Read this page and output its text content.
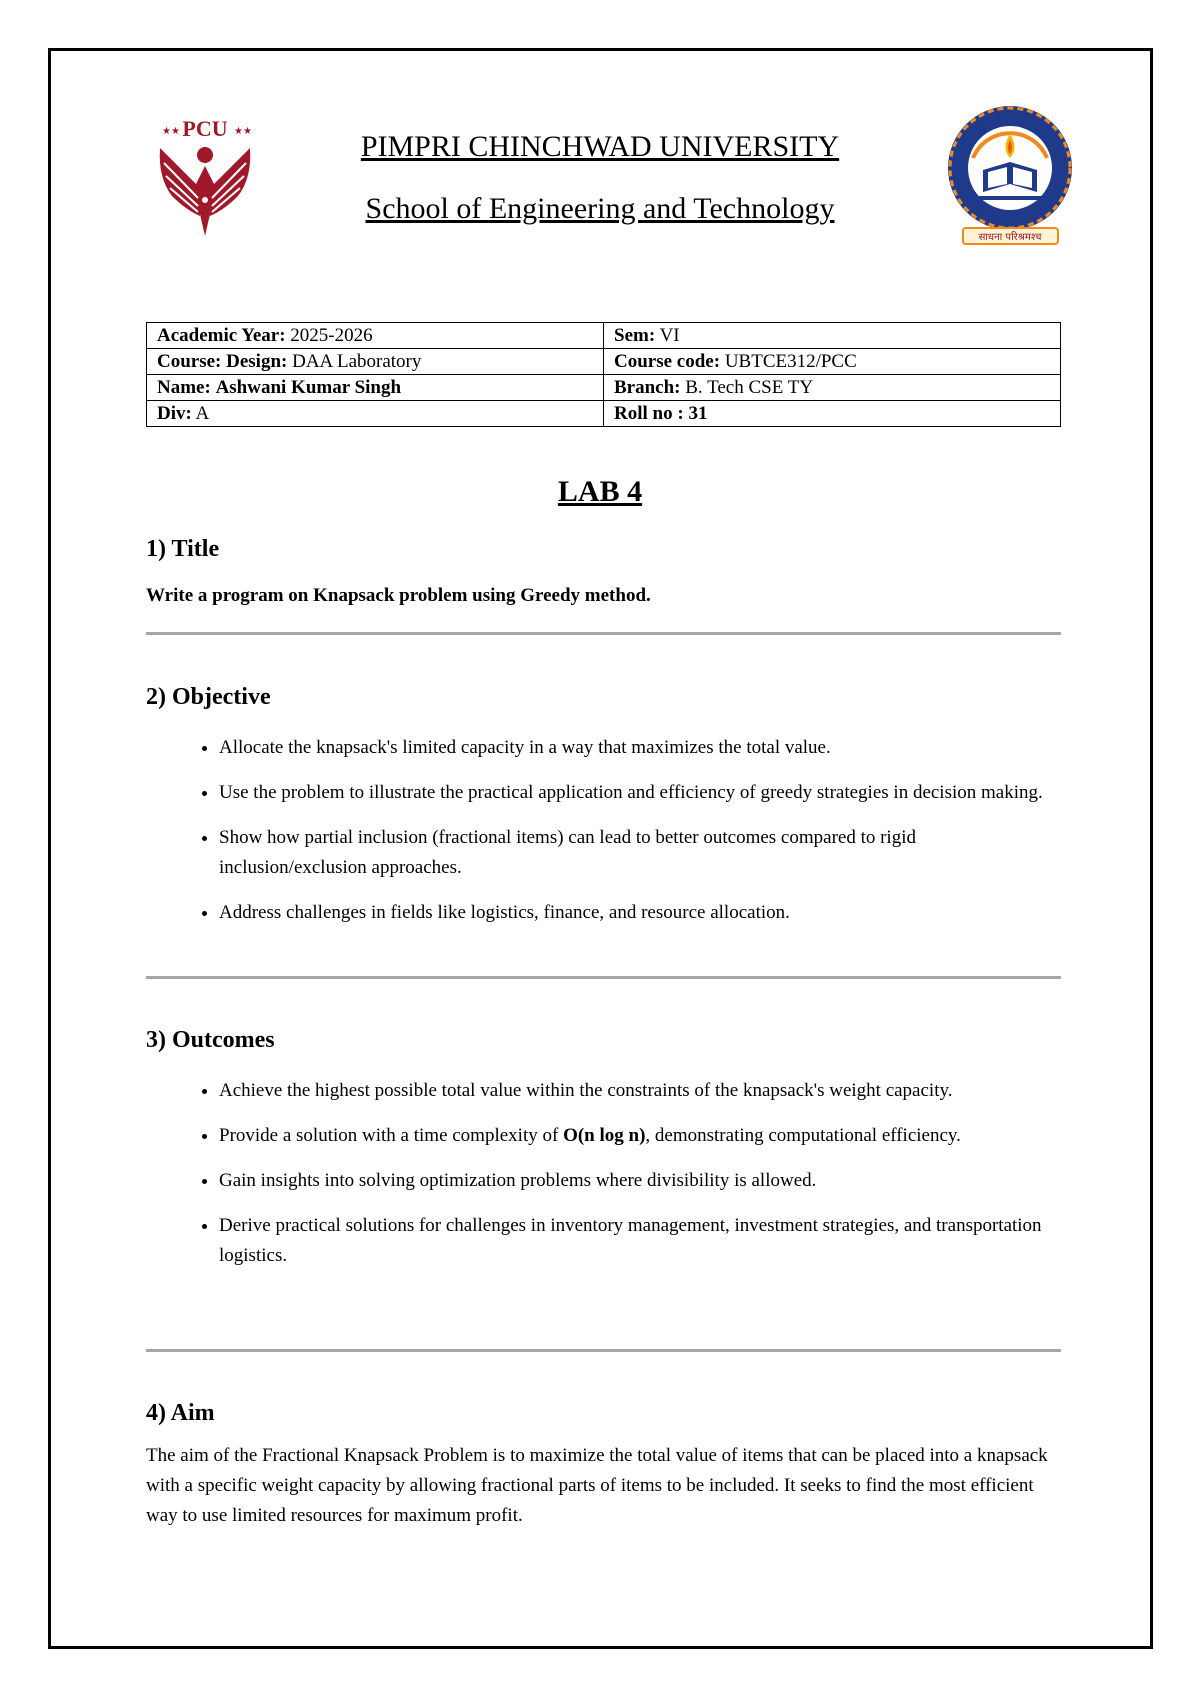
PCU
★★	★★	PIMPRI CHINCHWAD UNIVERSITY
School of Engineering and Technology
साधना परिश्रमश्च
Academic Year: 2025-2026	Sem: VI
Course: Design: DAA Laboratory	Course code: UBTCE312/PCC
Name: Ashwani Kumar Singh	Branch: B. Tech CSE TY
Div: A	Roll no : 31
LAB 4
1) Title

Write a program on Knapsack problem using Greedy method.

2) Objective
• Allocate the knapsack's limited capacity in a way that maximizes the total value.
• Use the problem to illustrate the practical application and efficiency of greedy strategies in decision making.
• Show how partial inclusion (fractional items) can lead to better outcomes compared to rigid inclusion/exclusion approaches.
• Address challenges in fields like logistics, finance, and resource allocation.
3) Outcomes
• Achieve the highest possible total value within the constraints of the knapsack's weight capacity.
• Provide a solution with a time complexity of O(n log n), demonstrating computational efficiency.
• Gain insights into solving optimization problems where divisibility is allowed.
• Derive practical solutions for challenges in inventory management, investment strategies, and transportation logistics.
4) Aim

The aim of the Fractional Knapsack Problem is to maximize the total value of items that can be placed into a knapsack with a specific weight capacity by allowing fractional parts of items to be included. It seeks to find the most efficient way to use limited resources for maximum profit.
